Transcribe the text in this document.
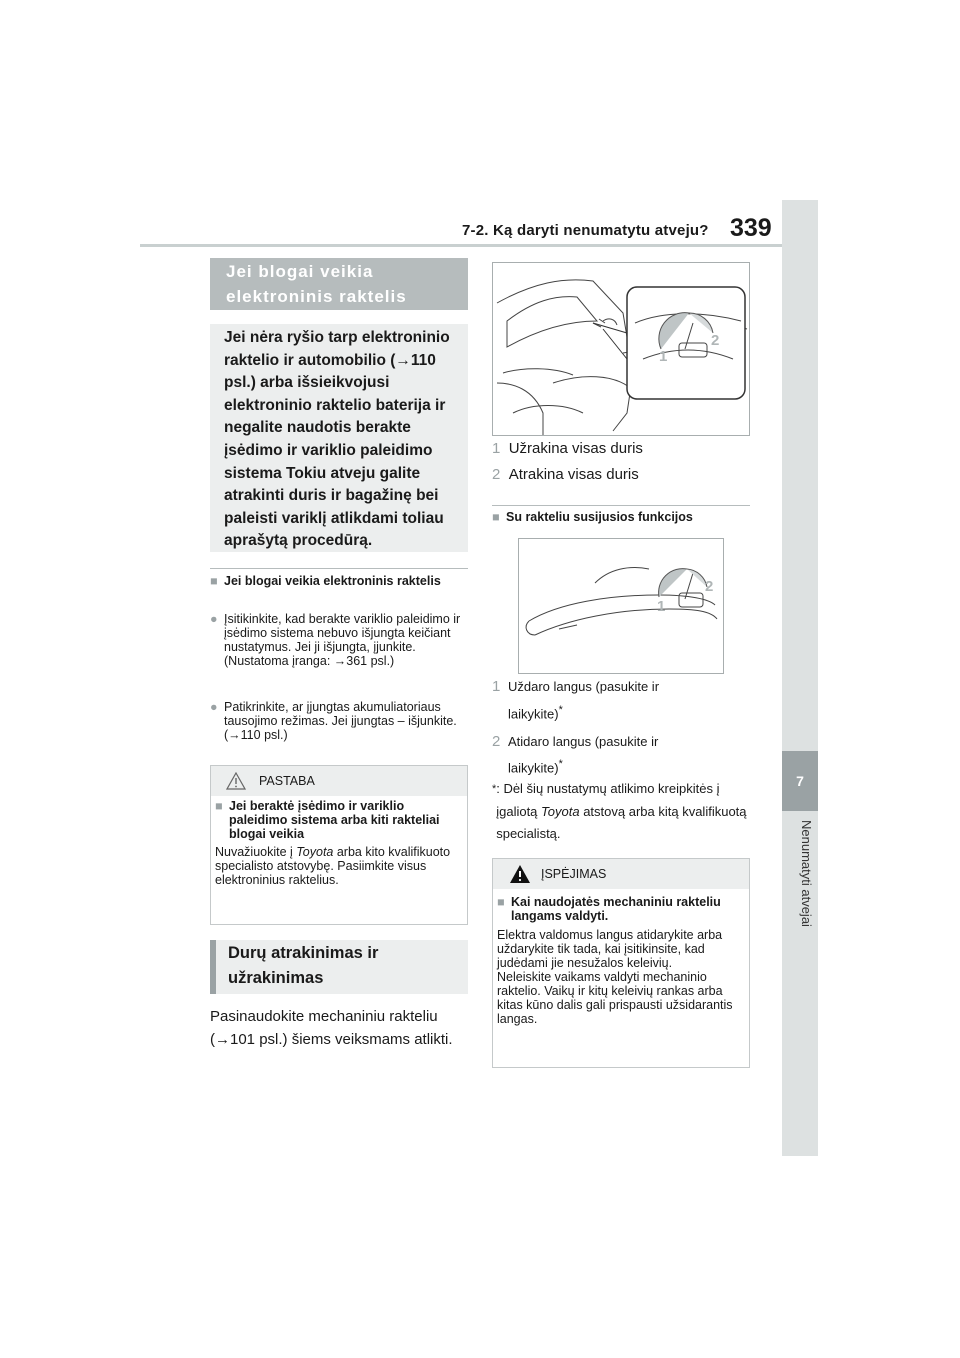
7-2. Ką daryti nenumatytu atveju? 339
7
Nenumatyti atvejai
Jei blogai veikia elektroninis raktelis
Jei nėra ryšio tarp elektroninio raktelio ir automobilio (→110 psl.) arba išsieikvojusi elektroninio raktelio baterija ir negalite naudotis berakte įsėdimo ir variklio paleidimo sistema Tokiu atveju galite atrakinti duris ir bagažinę bei paleisti variklį atlikdami toliau aprašytą procedūrą.
■ Jei blogai veikia elektroninis raktelis
● Įsitikinkite, kad berakte variklio paleidimo ir įsėdimo sistema nebuvo išjungta keičiant nustatymus. Jei ji išjungta, įjunkite. (Nustatoma įranga: →361 psl.)
● Patikrinkite, ar įjungtas akumuliatoriaus tausojimo režimas. Jei įjungtas – išjunkite. (→110 psl.)
PASTABA
■ Jei beraktė įsėdimo ir variklio paleidimo sistema arba kiti rakteliai blogai veikia
Nuvažiuokite į Toyota arba kito kvalifikuoto specialisto atstovybę. Pasiimkite visus elektroninius raktelius.
Durų atrakinimas ir užrakinimas
Pasinaudokite mechaniniu rakteliu (→101 psl.) šiems veiksmams atlikti.
1
2
1 Užrakina visas duris
2 Atrakina visas duris
■ Su rakteliu susijusios funkcijos
1
2
1 Uždaro langus (pasukite ir laikykite)*
2 Atidaro langus (pasukite ir laikykite)*
* : Dėl šių nustatymų atlikimo kreipkitės į įgaliotą Toyota atstovą arba kitą kvalifikuotą specialistą.
ĮSPĖJIMAS
■ Kai naudojatės mechaniniu rakteliu langams valdyti.
Elektra valdomus langus atidarykite arba uždarykite tik tada, kai įsitikinsite, kad judėdami jie nesužalos keleivių.
Neleiskite vaikams valdyti mechaninio raktelio. Vaikų ir kitų keleivių rankas arba kitas kūno dalis gali prispausti užsidarantis langas.
